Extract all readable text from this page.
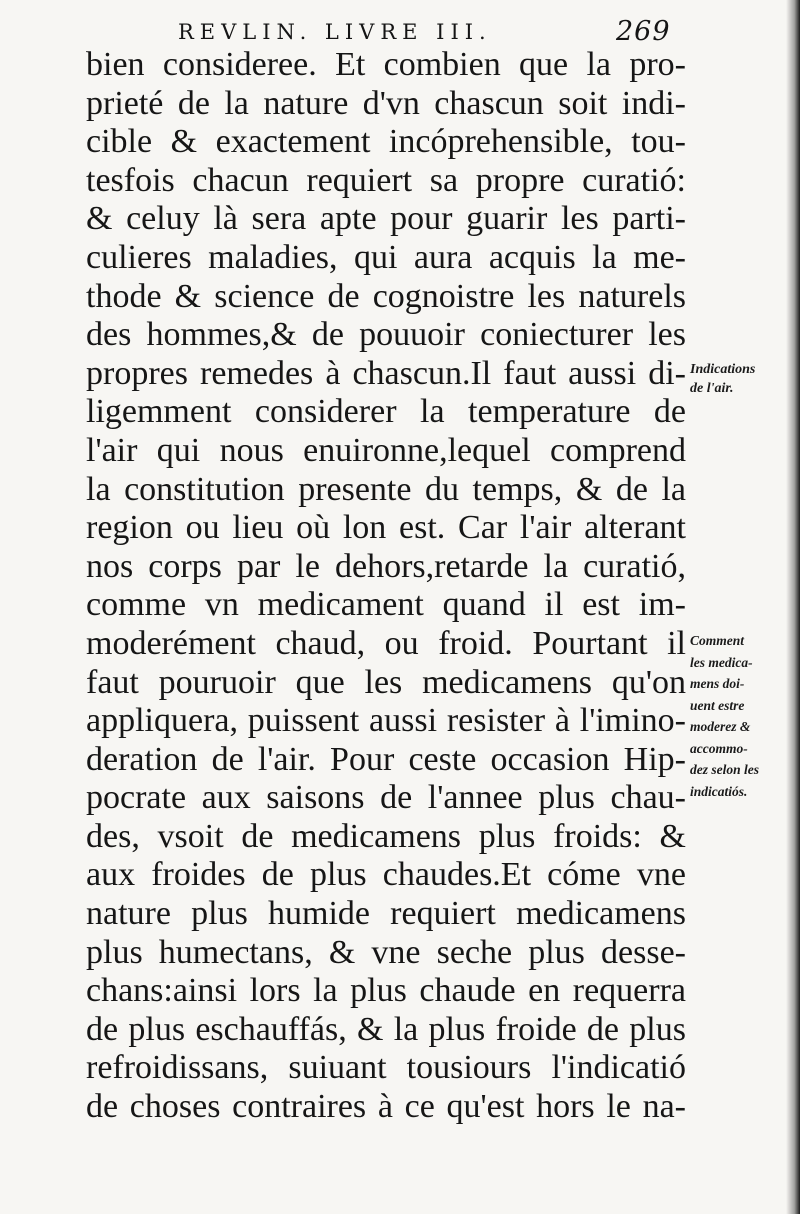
REVLIN. LIVRE III.	269
bien consideree. Et combien que la pro-
prieté de la nature d'vn chascun soit indi-
cible & exactement incóprehensible, tou-
tesfois chacun requiert sa propre curatió:
& celuy là sera apte pour guarir les parti-
culieres maladies, qui aura acquis la me-
thode & science de cognoistre les naturels
des hommes,& de pouuoir coniecturer les
propres remedes à chascun.Il faut aussi di-
ligemment considerer la temperature de
l'air qui nous enuironne,lequel comprend
la constitution presente du temps, & de la
region ou lieu où lon est. Car l'air alterant
nos corps par le dehors,retarde la curatió,
comme vn medicament quand il est im-
moderément chaud, ou froid. Pourtant il
faut pouruoir que les medicamens qu'on
appliquera, puissent aussi resister à l'imino-
deration de l'air. Pour ceste occasion Hip-
pocrate aux saisons de l'annee plus chau-
des, vsoit de medicamens plus froids: &
aux froides de plus chaudes.Et cóme vne
nature plus humide requiert medicamens
plus humectans, & vne seche plus desse-
chans:ainsi lors la plus chaude en requerra
de plus eschauffás, & la plus froide de plus
refroidissans, suiuant tousiours l'indicatió
de choses contraires à ce qu'est hors le na-
Indications
de l'air.
Comment
les medica-
mens doi-
uent estre
moderez &
accommo-
dez selon les
indicatiós.
